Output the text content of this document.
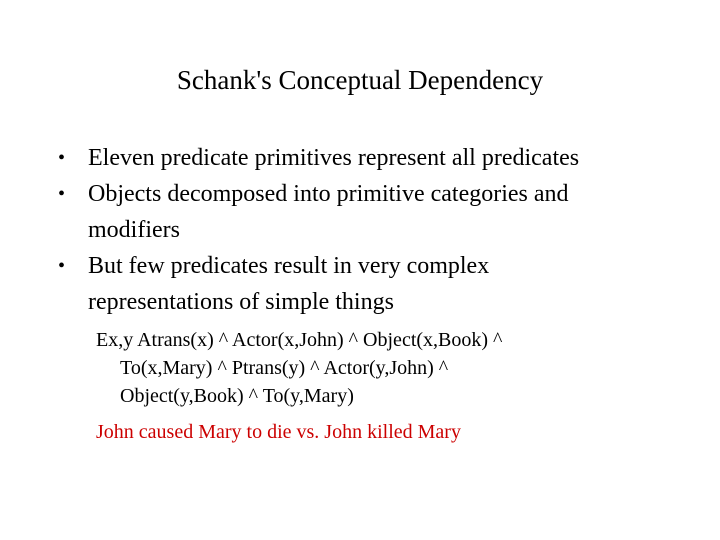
Schank's Conceptual Dependency
• Eleven predicate primitives represent all predicates
• Objects decomposed into primitive categories and
modifiers
• But few predicates result in very complex
representations of simple things
Ex,y Atrans(x) ^ Actor(x,John) ^ Object(x,Book) ^
To(x,Mary) ^ Ptrans(y) ^ Actor(y,John) ^
Object(y,Book) ^ To(y,Mary)
John caused Mary to die vs. John killed Mary
